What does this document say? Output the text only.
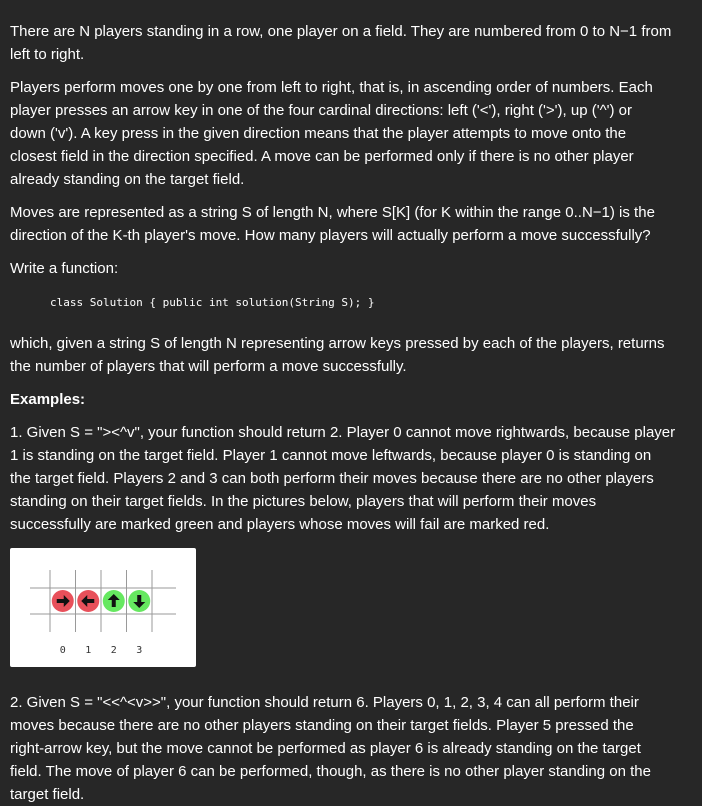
There are N players standing in a row, one player on a field. They are numbered from 0 to N−1 from
left to right.

Players perform moves one by one from left to right, that is, in ascending order of numbers. Each
player presses an arrow key in one of the four cardinal directions: left ('<'), right ('>'), up ('^') or
down ('v'). A key press in the given direction means that the player attempts to move onto the
closest field in the direction specified. A move can be performed only if there is no other player
already standing on the target field.

Moves are represented as a string S of length N, where S[K] (for K within the range 0..N−1) is the
direction of the K-th player's move. How many players will actually perform a move successfully?

Write a function:

class Solution { public int solution(String S); }

which, given a string S of length N representing arrow keys pressed by each of the players, returns
the number of players that will perform a move successfully.

Examples:

1. Given S = "><^v", your function should return 2. Player 0 cannot move rightwards, because player
1 is standing on the target field. Player 1 cannot move leftwards, because player 0 is standing on
the target field. Players 2 and 3 can both perform their moves because there are no other players
standing on their target fields. In the pictures below, players that will perform their moves
successfully are marked green and players whose moves will fail are marked red.

0 1 2 3

2. Given S = "<<^<v>>", your function should return 6. Players 0, 1, 2, 3, 4 can all perform their
moves because there are no other players standing on their target fields. Player 5 pressed the
right-arrow key, but the move cannot be performed as player 6 is already standing on the target
field. The move of player 6 can be performed, though, as there is no other player standing on the
target field.
